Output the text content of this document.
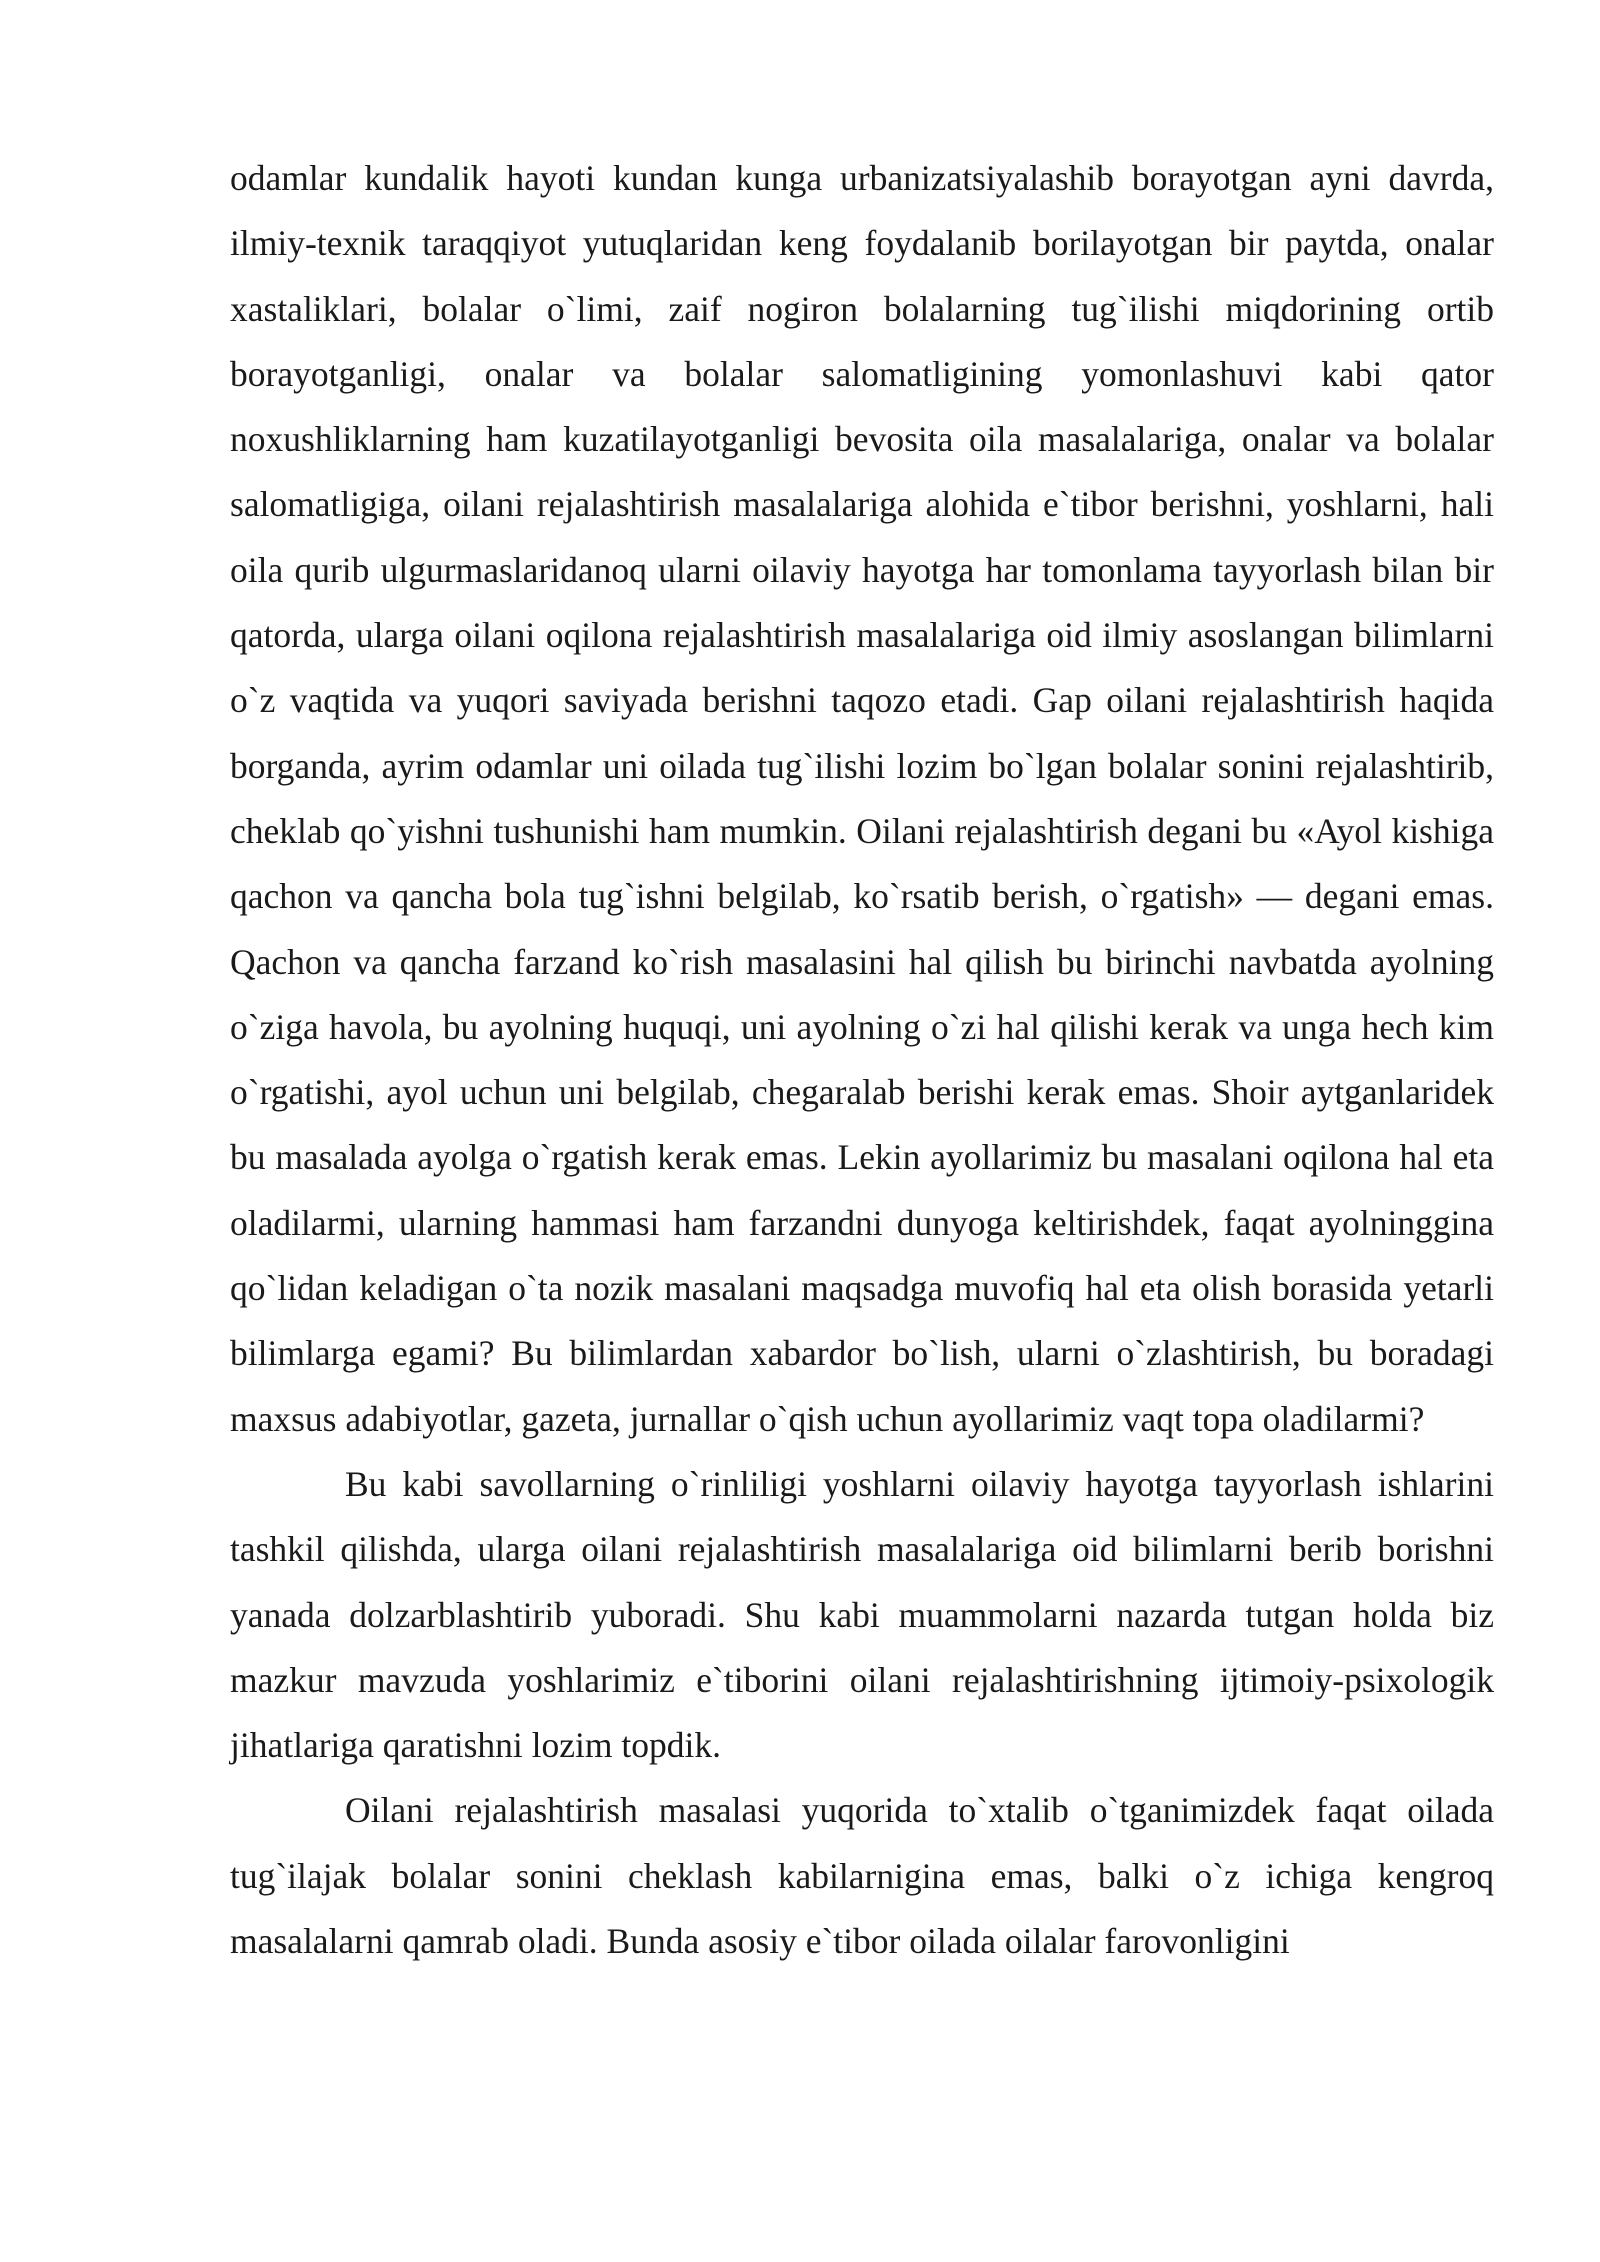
odamlar kundalik hayoti kundan kunga urbanizatsiyalashib borayotgan ayni davrda, ilmiy-texnik taraqqiyot yutuqlaridan keng foydalanib borilayotgan bir paytda, onalar xastaliklari, bolalar o`limi, zaif nogiron bolalarning tug`ilishi miqdorining ortib borayotganligi, onalar va bolalar salomatligining yomonlashuvi kabi qator noxushliklarning ham kuzatilayotganligi bevosita oila masalalariga, onalar va bolalar salomatligiga, oilani rejalashtirish masalalariga alohida e`tibor berishni, yoshlarni, hali oila qurib ulgurmaslaridanoq ularni oilaviy hayotga har tomonlama tayyorlash bilan bir qatorda, ularga oilani oqilona rejalashtirish masalalariga oid ilmiy asoslangan bilimlarni o`z vaqtida va yuqori saviyada berishni taqozo etadi. Gap oilani rejalashtirish haqida borganda, ayrim odamlar uni oilada tug`ilishi lozim bo`lgan bolalar sonini rejalashtirib, cheklab qo`yishni tushunishi ham mumkin. Oilani rejalashtirish degani bu «Ayol kishiga qachon va qancha bola tug`ishni belgilab, ko`rsatib berish, o`rgatish» — degani emas. Qachon va qancha farzand ko`rish masalasini hal qilish bu birinchi navbatda ayolning o`ziga havola, bu ayolning huquqi, uni ayolning o`zi hal qilishi kerak va unga hech kim o`rgatishi, ayol uchun uni belgilab, chegaralab berishi kerak emas. Shoir aytganlaridek bu masalada ayolga o`rgatish kerak emas. Lekin ayollarimiz bu masalani oqilona hal eta oladilarmi, ularning hammasi ham farzandni dunyoga keltirishdek, faqat ayolninggina qo`lidan keladigan o`ta nozik masalani maqsadga muvofiq hal eta olish borasida yetarli bilimlarga egami? Bu bilimlardan xabardor bo`lish, ularni o`zlashtirish, bu boradagi maxsus adabiyotlar, gazeta, jurnallar o`qish uchun ayollarimiz vaqt topa oladilarmi?

Bu kabi savollarning o`rinliligi yoshlarni oilaviy hayotga tayyorlash ishlarini tashkil qilishda, ularga oilani rejalashtirish masalalariga oid bilimlarni berib borishni yanada dolzarblashtirib yuboradi. Shu kabi muammolarni nazarda tutgan holda biz mazkur mavzuda yoshlarimiz e`tiborini oilani rejalashtirishning ijtimoiy-psixologik jihatlariga qaratishni lozim topdik.

Oilani rejalashtirish masalasi yuqorida to`xtalib o`tganimizdek faqat oilada tug`ilajak bolalar sonini cheklash kabilarnigina emas, balki o`z ichiga kengroq masalalarni qamrab oladi. Bunda asosiy e`tibor oilada oilalar farovonligini
